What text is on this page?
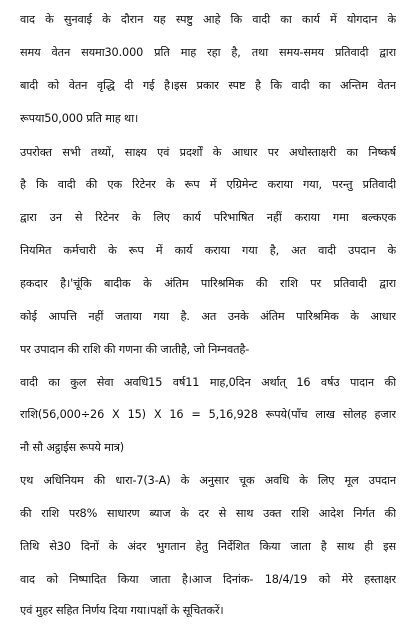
वाद के सुनवाई के दौरान यह स्पष्टु आहे कि वादी का कार्य में योगदान के
समय वेतन सयमा30.000 प्रति माह रहा है, तथा समय-समय प्रतिवादी द्वारा
बादी को वेतन वृद्धि दी गई है।इस प्रकार स्पष्ट है कि वादी का अन्तिम वेतन
रूपया50,000 प्रति माह था।
उपरोक्त सभी तथ्यों, साक्ष्य एवं प्रदर्शों के आधार पर अधोस्ताक्षरी का निष्कर्ष
है कि वादी की एक रिटेनर के रूप में एग्रिमेन्ट कराया गया, परन्तु प्रतिवादी
द्वारा उन से रिटेनर के लिए कार्य परिभाषित नहीं कराया गमा बल्कएक
नियमित कर्मचारी के रूप में कार्य कराया गया है, अत वादी उपदान के
हकदार है।'चूंकि बादीक के अंतिम पारिश्रमिक की राशि पर प्रतिवादी द्वारा
कोई आपत्ति नहीं जताया गया है. अत उनके अंतिम पारिश्रमिक के आधार
पर उपादान की राशि की गणना की जातीहै, जो निम्नवतहै-
वादी का कुल सेवा अवधि15 वर्ष11 माह,0दिन अर्थात् 16 वर्षउ पादान की
राशि(56,000÷26 X 15) X 16 = 5,16,928 रूपये(पाँच लाख सोलह हजार
नौ सौ अट्ठाईस रूपये मात्र)
एथ अधिनियम की धारा-7(3-A) के अनुसार चूक अवधि के लिए मूल उपदान
की राशि पर8% साधारण ब्याज के दर से साथ उक्त राशि आदेश निर्गत की
तिथि से30 दिनों के अंदर भुगतान हेतु निर्देशित किया जाता है साथ ही इस
वाद को निष्पादित किया जाता है।आज दिनांक- 18/4/19 को मेरे हस्ताक्षर
एवं मुहर सहित निर्णय दिया गया।पक्षों के सूचितकरें।
